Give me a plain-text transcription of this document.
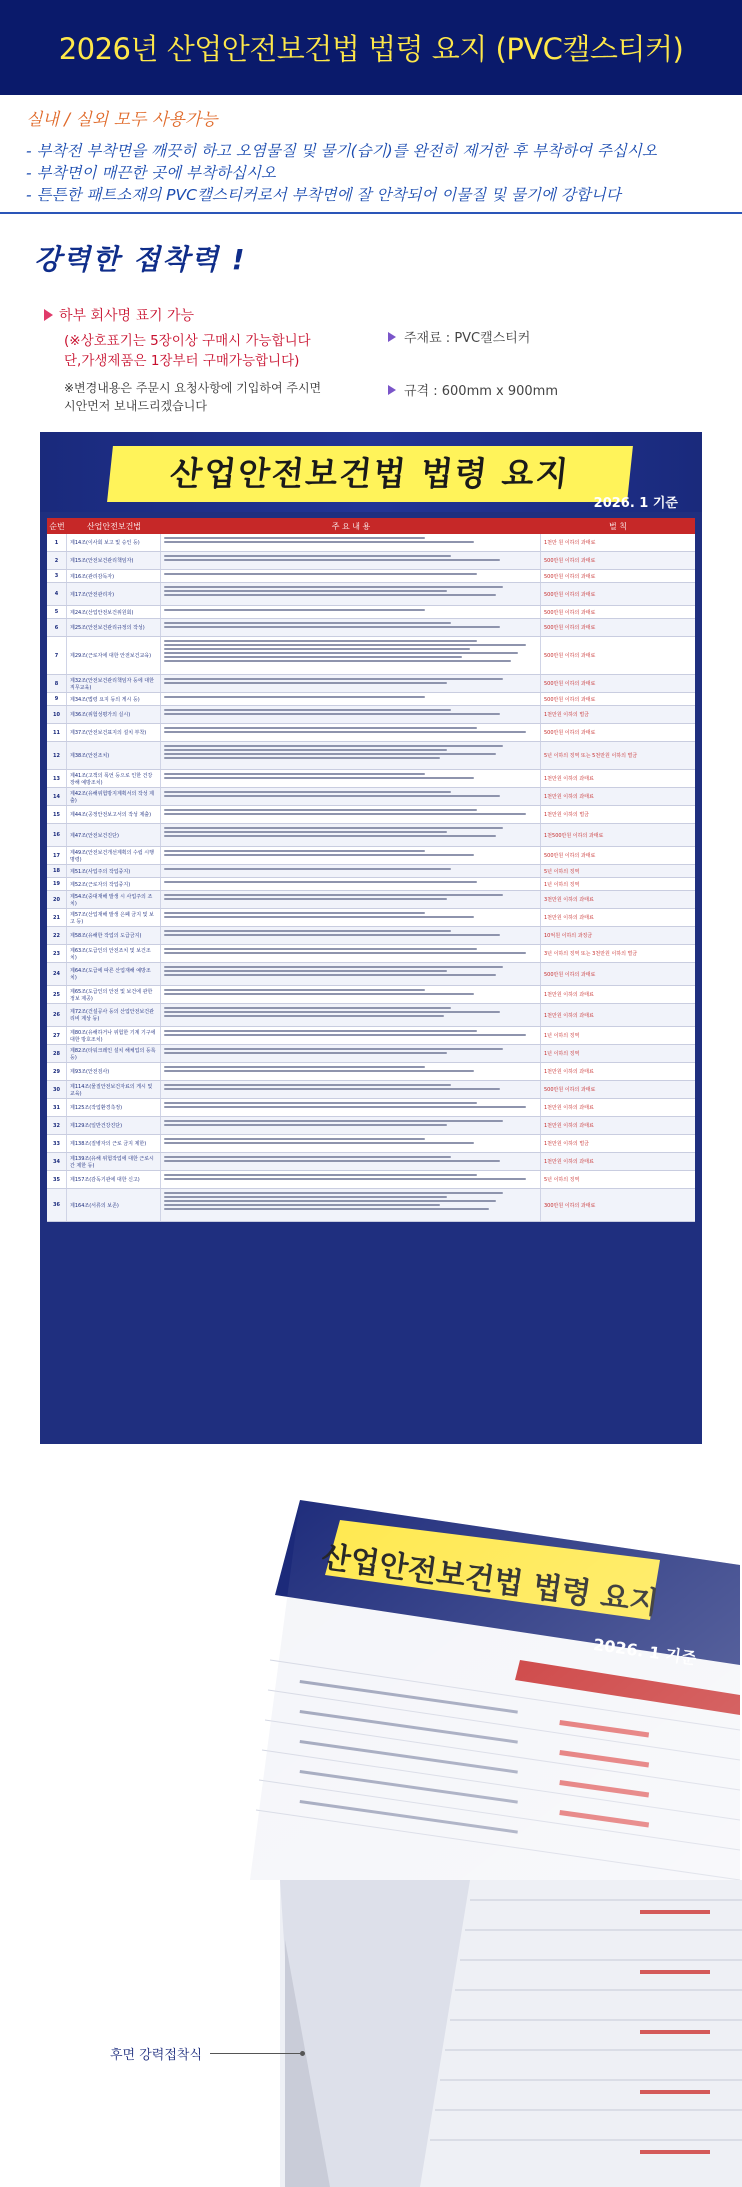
2026년 산업안전보건법 법령 요지 (PVC캘스티커)
실내 / 실외 모두 사용가능
- 부착전 부착면을 깨끗히 하고 오염물질 및 물기(습기)를 완전히 제거한 후 부착하여 주십시오
- 부착면이 매끈한 곳에 부착하십시오
- 튼튼한 패트소재의 PVC캘스티커로서 부착면에 잘 안착되어 이물질 및 물기에 강합니다
강력한 접착력 !
하부 회사명 표기 가능
(※상호표기는 5장이상 구매시 가능합니다
단,가생제품은 1장부터 구매가능합니다)
※변경내용은 주문시 요청사항에 기입하여 주시면
시안먼저 보내드리겠습니다
주재료 : PVC캘스티커
규격 : 600mm x 900mm
산업안전보건법 법령 요지
2026. 1 기준
순번	산업안전보건법	주 요 내 용	벌 칙
1	제14조(이사회 보고 및 승인 등)	1천만 원 이하의 과태료
2	제15조(안전보건관리책임자)	500만원 이하의 과태료
3	제16조(관리감독자)	500만원 이하의 과태료
4	제17조(안전관리자)	500만원 이하의 과태료
5	제24조(산업안전보건위원회)	500만원 이하의 과태료
6	제25조(안전보건관리규정의 작성)	500만원 이하의 과태료
7	제29조(근로자에 대한 안전보건교육)	500만원 이하의 과태료
8	제32조(안전보건관리책임자 등에 대한 직무교육)
500만원 이하의 과태료
9	제34조(법령 요지 등의 게시 등)	500만원 이하의 과태료
10	제36조(위험성평가의 실시)	1천만원 이하의 벌금
11	제37조(안전보건표지의 설치 부착)	500만원 이하의 과태료
12	제38조(안전조치)	5년 이하의 징역 또는 5천만원 이하의 벌금
13	제41조(고객의 폭언 등으로 인한 건강장해 예방조치)
1천만원 이하의 과태료
14	제42조(유해위험방지계획서의 작성 제출)
1천만원 이하의 과태료
15	제44조(공정안전보고서의 작성 제출)	1천만원 이하의 벌금
16	제47조(안전보건진단)	1천500만원 이하의 과태료
17	제49조(안전보건개선계획의 수립 시행 명령)
500만원 이하의 과태료
18	제51조(사업주의 작업중지)	5년 이하의 징역
19	제52조(근로자의 작업중지)	1년 이하의 징역
20	제54조(중대재해 발생 시 사업주의 조치)
3천만원 이하의 과태료
21	제57조(산업재해 발생 은폐 금지 및 보고 등)
1천만원 이하의 과태료
22	제58조(유해한 작업의 도급금지)	10억원 이하의 과징금
23	제63조(도급인의 안전조치 및 보건조치)
3년 이하의 징역 또는 3천만원 이하의 벌금
24	제64조(도급에 따른 산업재해 예방조치)
500만원 이하의 과태료
25	제65조(도급인의 안전 및 보건에 관한 정보 제공)
1천만원 이하의 과태료
26	제72조(건설공사 등의 산업안전보건관리비 계상 등)
1천만원 이하의 과태료
27	제80조(유해하거나 위험한 기계 기구에 대한 방호조치)
1년 이하의 징역
28	제82조(타워크레인 설치 해체업의 등록 등)
1년 이하의 징역
29	제93조(안전검사)	1천만원 이하의 과태료
30	제114조(물질안전보건자료의 게시 및 교육)
500만원 이하의 과태료
31	제125조(작업환경측정)	1천만원 이하의 과태료
32	제129조(일반건강진단)	1천만원 이하의 과태료
33	제138조(질병자의 근로 금지 제한)	1천만원 이하의 벌금
34	제139조(유해 위험작업에 대한 근로시간 제한 등)
1천만원 이하의 과태료
35	제157조(감독기관에 대한 신고)	5년 이하의 징역
36	제164조(서류의 보존)	300만원 이하의 과태료
후면 강력접착식
